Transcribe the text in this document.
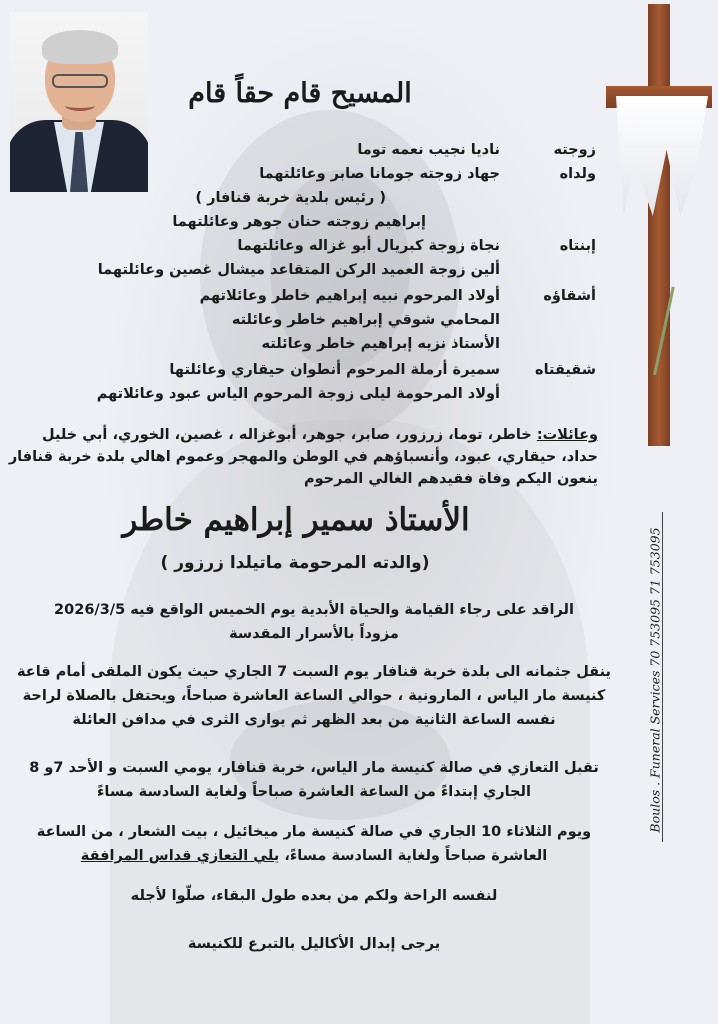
المسيح قام حقاً قام
زوجته
ناديا نجيب نعمه توما
ولداه
جهاد زوجته جومانا صابر وعائلتهما
( رئيس بلدية خربة قنافار )
إبراهيم زوجته حنان جوهر وعائلتهما
إبنتاه
نجاة زوجة كبريال أبو غزاله وعائلتهما
ألين زوجة العميد الركن المتقاعد ميشال غصين وعائلتهما
أشقاؤه
أولاد المرحوم نبيه إبراهيم خاطر وعائلاتهم
المحامي شوقي إبراهيم خاطر وعائلته
الأستاذ نزيه إبراهيم خاطر وعائلته
شقيقتاه
سميرة أرملة المرحوم أنطوان حيقاري وعائلتها
أولاد المرحومة ليلى زوجة المرحوم الياس عبود وعائلاتهم
وعائلات: خاطر، توما، زرزور، صابر، جوهر، أبوغزاله ، غصين، الخوري، أبي خليل
حداد، حيقاري، عبود، وأنسباؤهم في الوطن والمهجر وعموم اهالي بلدة خربة قنافار
ينعون اليكم وفاة فقيدهم الغالي المرحوم
الأستاذ سمير إبراهيم خاطر
(والدته المرحومة ماتيلدا زرزور )
الراقد على رجاء القيامة والحياة الأبدية يوم الخميس الواقع فيه 2026/3/5
مزوداً بالأسرار المقدسة
ينقل جثمانه الى بلدة خربة قنافار يوم السبت 7 الجاري حيث يكون الملقى أمام قاعة
كنيسة مار الياس ، المارونية ، حوالي الساعة العاشرة صباحاً، ويحتفل بالصلاة لراحة
نفسه الساعة الثانية من بعد الظهر ثم يوارى الثرى في مدافن العائلة
تقبل التعازي في صالة كنيسة مار الياس، خربة قنافار، يومي السبت و الأحد 7و 8
الجاري إبتداءً من الساعة العاشرة صباحاً ولغاية السادسة مساءً
ويوم الثلاثاء 10 الجاري في صالة كنيسة مار ميخائيل ، بيت الشعار ، من الساعة
العاشرة صباحاً ولغاية السادسة مساءً، يلي التعازي قداس المرافقة
لنفسه الراحة ولكم من بعده طول البقاء، صلّوا لأجله
يرجى إبدال الأكاليل بالتبرع للكنيسة
Boulos . Funeral Services 70 753095 71 753095
